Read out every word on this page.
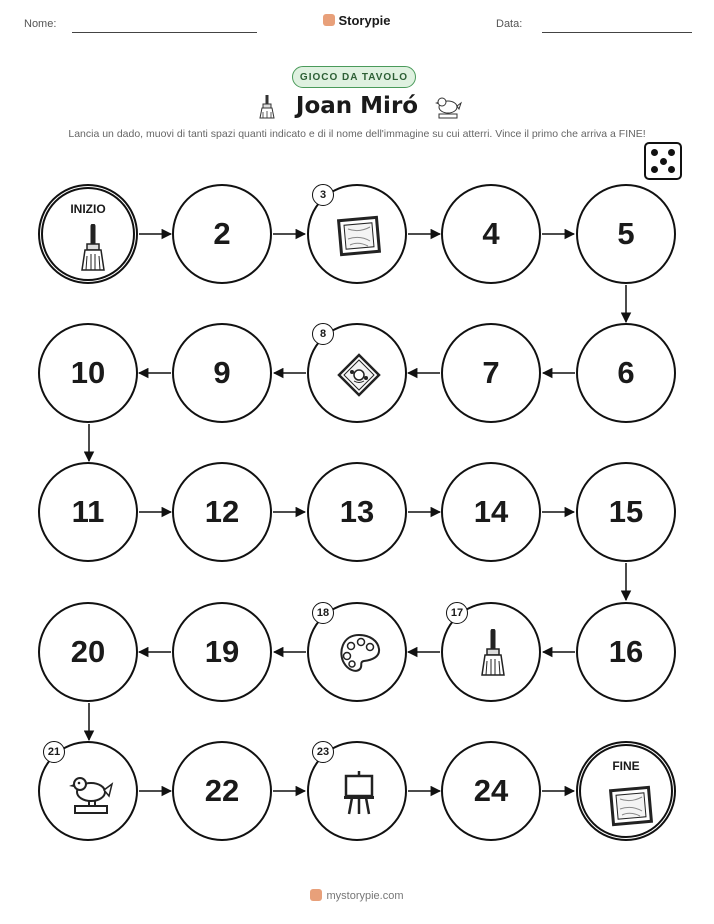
Nome:	Storypie	Data:
GIOCO DA TAVOLO
Joan Miró
Lancia un dado, muovi di tanti spazi quanti indicato e di il nome dell'immagine su cui atterri. Vince il primo che arriva a FINE!
INIZIO
2
3
4	5
6
7
8
9
10
11	12	13	14	15
16
17
18
19
20
21
22
23
24
FINE
mystorypie.com
